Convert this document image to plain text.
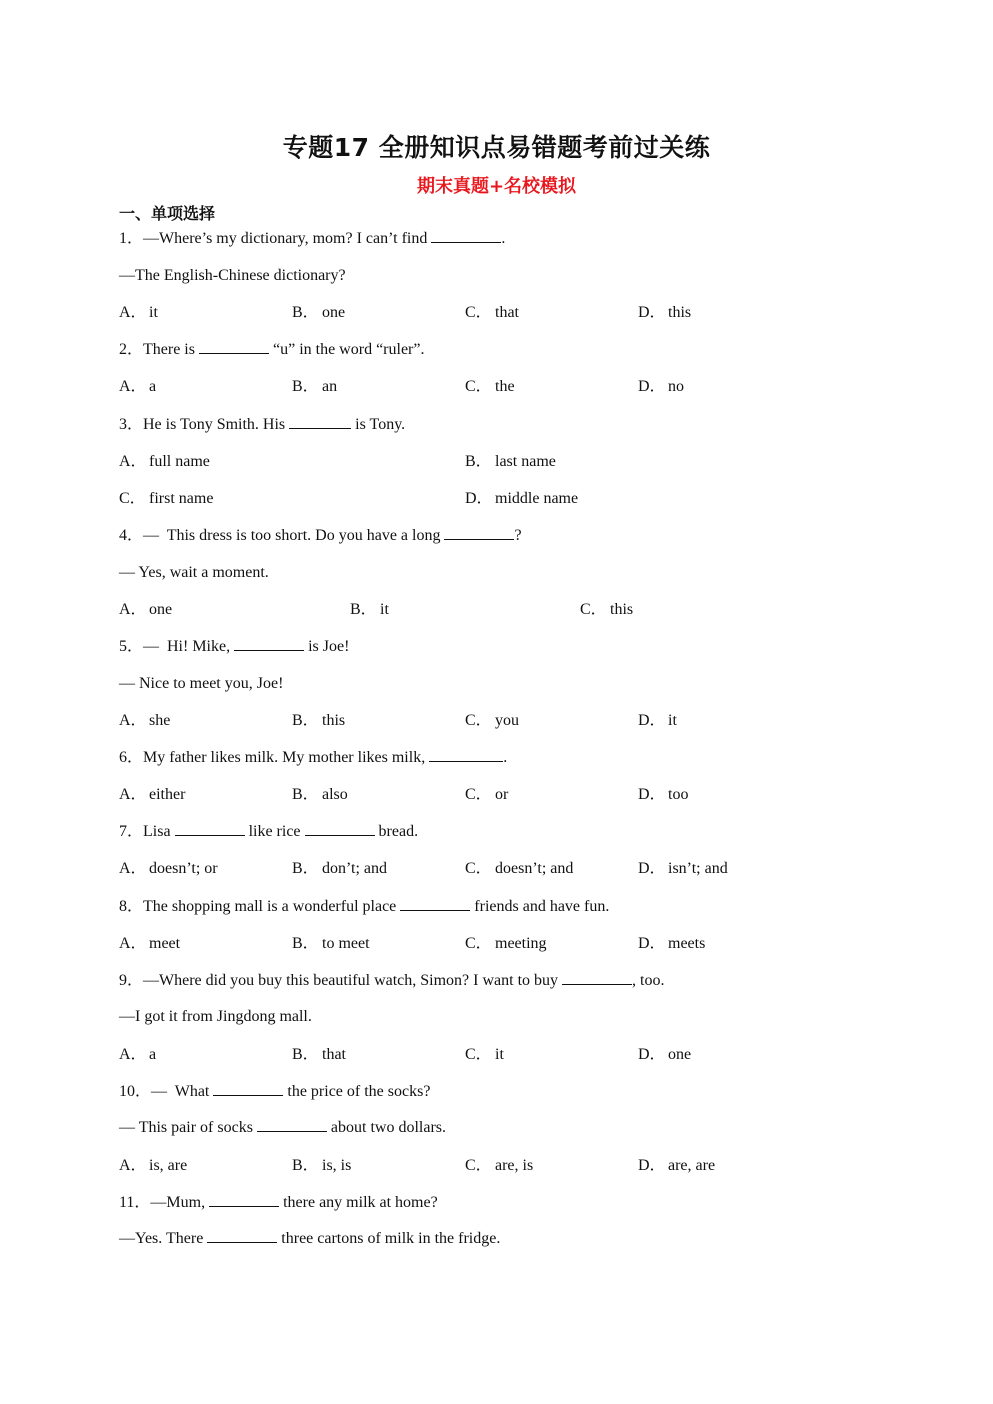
专题17 全册知识点易错题考前过关练
期末真题+名校模拟
一、单项选择
1．—Where’s my dictionary, mom? I can’t find	.
—The English-Chinese dictionary?
A． it	B． one	C． that	D． this
2．There is	“u” in the word “ruler”.
A． a	B． an	C． the	D． no
3．He is Tony Smith. His	is Tony.
A． full name	B． last name
C． first name	D． middle name
4．—  This dress is too short. Do you have a long	?
— Yes, wait a moment.
A． one	B． it	C． this
5．—  Hi! Mike,	is Joe!
— Nice to meet you, Joe!
A． she	B． this	C． you	D． it
6．My father likes milk. My mother likes milk,	.
A． either	B． also	C． or	D． too
7．Lisa	like rice	bread.
A． doesn’t; or	B． don’t; and	C． doesn’t; and	D． isn’t; and
8．The shopping mall is a wonderful place	friends and have fun.
A． meet	B． to meet	C． meeting	D． meets
9．—Where did you buy this beautiful watch, Simon? I want to buy	, too.
—I got it from Jingdong mall.
A． a	B． that	C． it	D． one
10．—  What	the price of the socks?
— This pair of socks	about two dollars.
A． is, are	B． is, is	C． are, is	D． are, are
11．—Mum,	there any milk at home?
—Yes. There	three cartons of milk in the fridge.
